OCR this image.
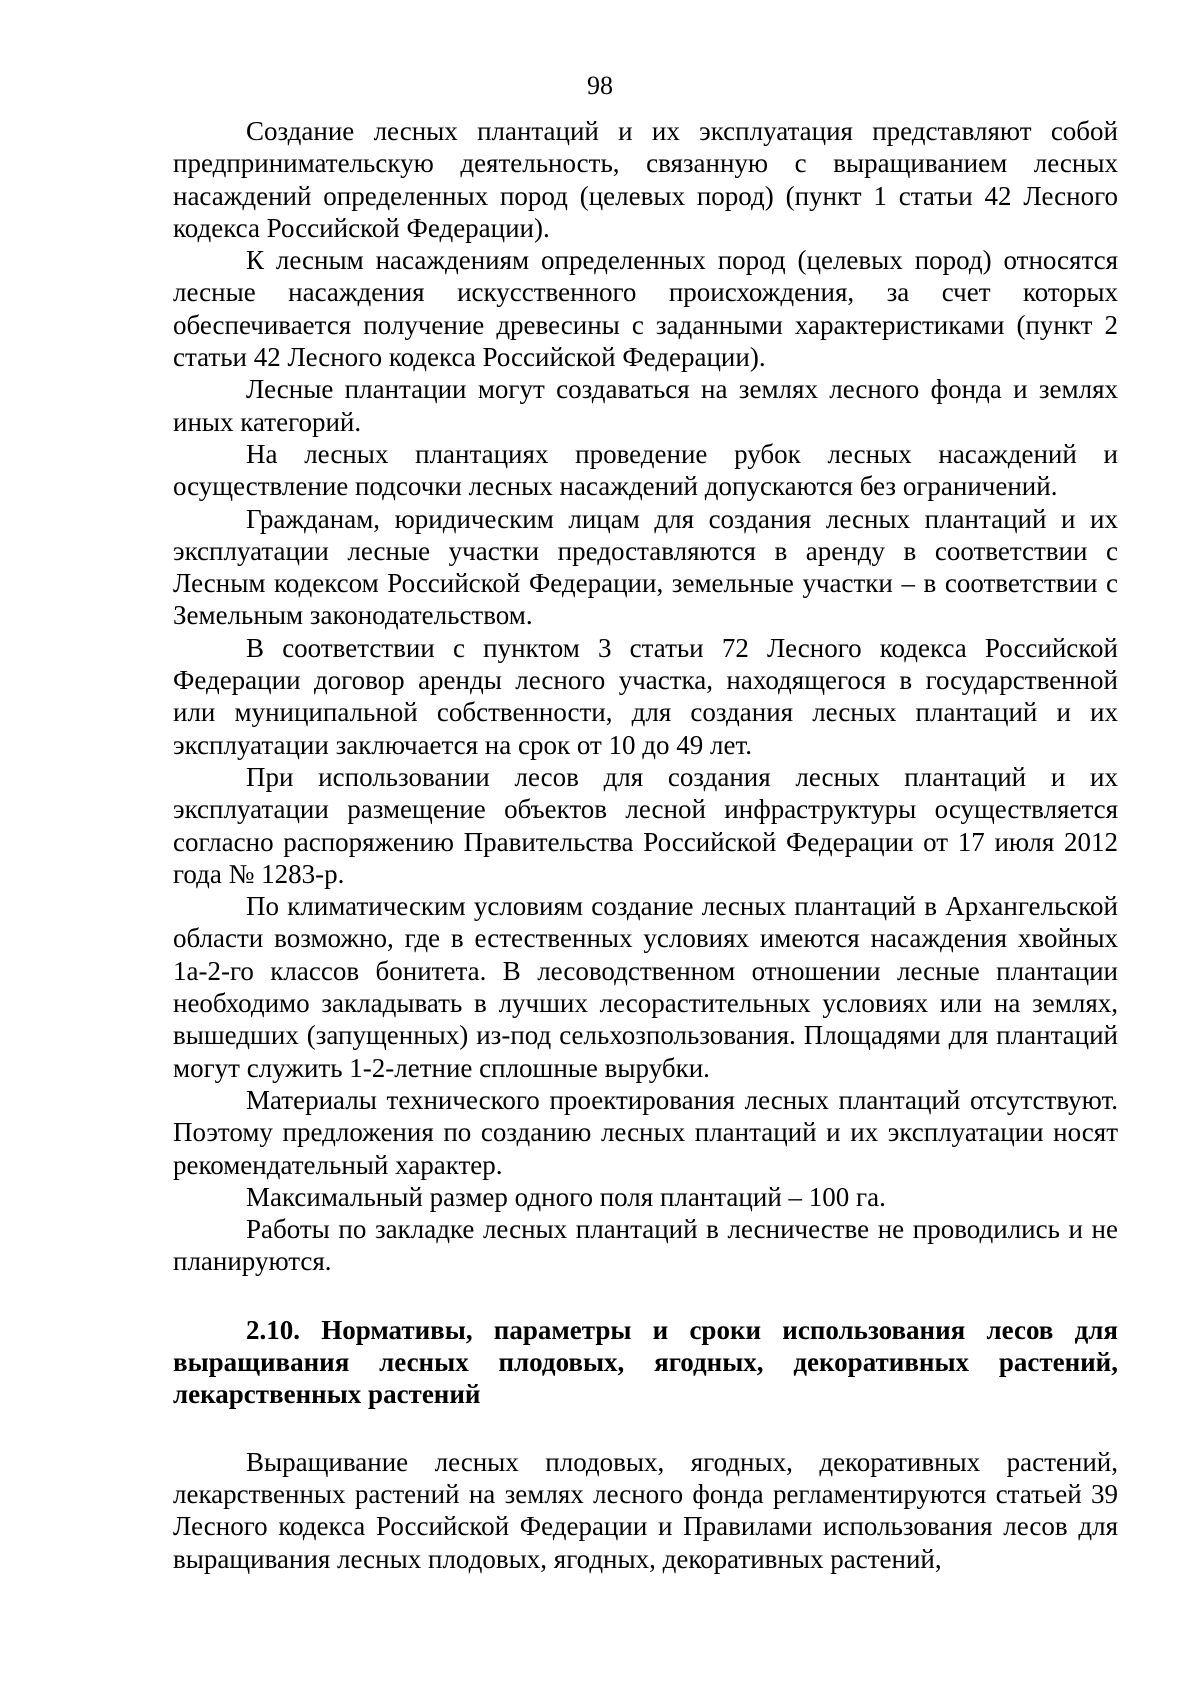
98

Создание лесных плантаций и их эксплуатация представляют собой предпринимательскую деятельность, связанную с выращиванием лесных насаждений определенных пород (целевых пород) (пункт 1 статьи 42 Лесного кодекса Российской Федерации).

К лесным насаждениям определенных пород (целевых пород) относятся лесные насаждения искусственного происхождения, за счет которых обеспечивается получение древесины с заданными характеристиками (пункт 2 статьи 42 Лесного кодекса Российской Федерации).

Лесные плантации могут создаваться на землях лесного фонда и землях иных категорий.

На лесных плантациях проведение рубок лесных насаждений и осуществление подсочки лесных насаждений допускаются без ограничений.

Гражданам, юридическим лицам для создания лесных плантаций и их эксплуатации лесные участки предоставляются в аренду в соответствии с Лесным кодексом Российской Федерации, земельные участки – в соответствии с Земельным законодательством.

В соответствии с пунктом 3 статьи 72 Лесного кодекса Российской Федерации договор аренды лесного участка, находящегося в государственной или муниципальной собственности, для создания лесных плантаций и их эксплуатации заключается на срок от 10 до 49 лет.

При использовании лесов для создания лесных плантаций и их эксплуатации размещение объектов лесной инфраструктуры осуществляется согласно распоряжению Правительства Российской Федерации от 17 июля 2012 года № 1283-р.

По климатическим условиям создание лесных плантаций в Архангельской области возможно, где в естественных условиях имеются насаждения хвойных 1а-2-го классов бонитета. В лесоводственном отношении лесные плантации необходимо закладывать в лучших лесорастительных условиях или на землях, вышедших (запущенных) из-под сельхозпользования. Площадями для плантаций могут служить 1-2-летние сплошные вырубки.

Материалы технического проектирования лесных плантаций отсутствуют. Поэтому предложения по созданию лесных плантаций и их эксплуатации носят рекомендательный характер.

Максимальный размер одного поля плантаций – 100 га.

Работы по закладке лесных плантаций в лесничестве не проводились и не планируются.

2.10. Нормативы, параметры и сроки использования лесов для выращивания лесных плодовых, ягодных, декоративных растений, лекарственных растений

Выращивание лесных плодовых, ягодных, декоративных растений, лекарственных растений на землях лесного фонда регламентируются статьей 39 Лесного кодекса Российской Федерации и Правилами использования лесов для выращивания лесных плодовых, ягодных, декоративных растений,
